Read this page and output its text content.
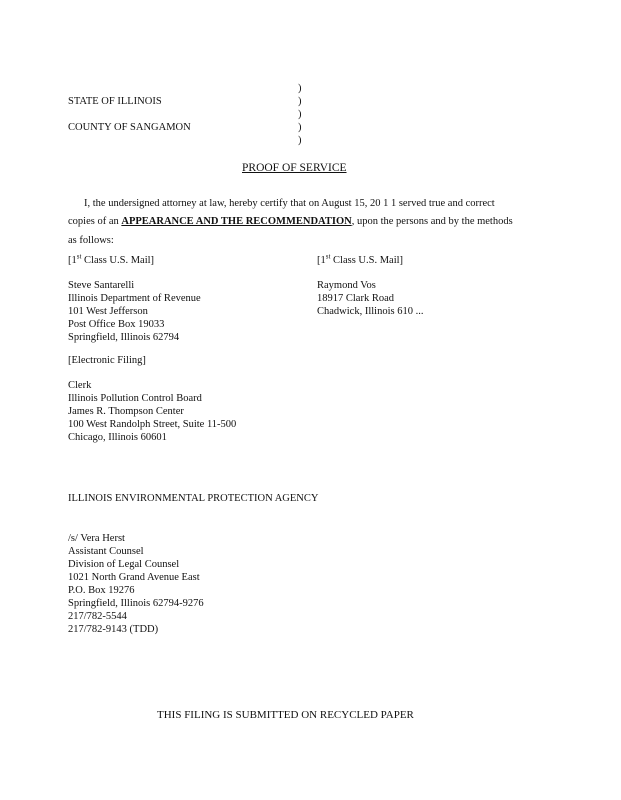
STATE OF ILLINOIS
COUNTY OF SANGAMON
)
)
)
)
)
PROOF OF SERVICE
I, the undersigned attorney at law, hereby certify that on August 15, 20 1 1 served true and correct
copies of an APPEARANCE AND THE RECOMMENDATION, upon the persons and by the methods
as follows:
[1st Class U.S. Mail]	[1st Class U.S. Mail]
Steve Santarelli
Illinois Department of Revenue
101 West Jefferson
Post Office Box 19033
Springfield, Illinois 62794
Raymond Vos
18917 Clark Road
Chadwick, Illinois 610 ...
[Electronic Filing]
Clerk
Illinois Pollution Control Board
James R. Thompson Center
100 West Randolph Street, Suite 11-500
Chicago, Illinois 60601
ILLINOIS ENVIRONMENTAL PROTECTION AGENCY
/s/ Vera Herst
Assistant Counsel
Division of Legal Counsel
1021 North Grand Avenue East
P.O. Box 19276
Springfield, Illinois 62794-9276
217/782-5544
217/782-9143 (TDD)
THIS FILING IS SUBMITTED ON RECYCLED PAPER
